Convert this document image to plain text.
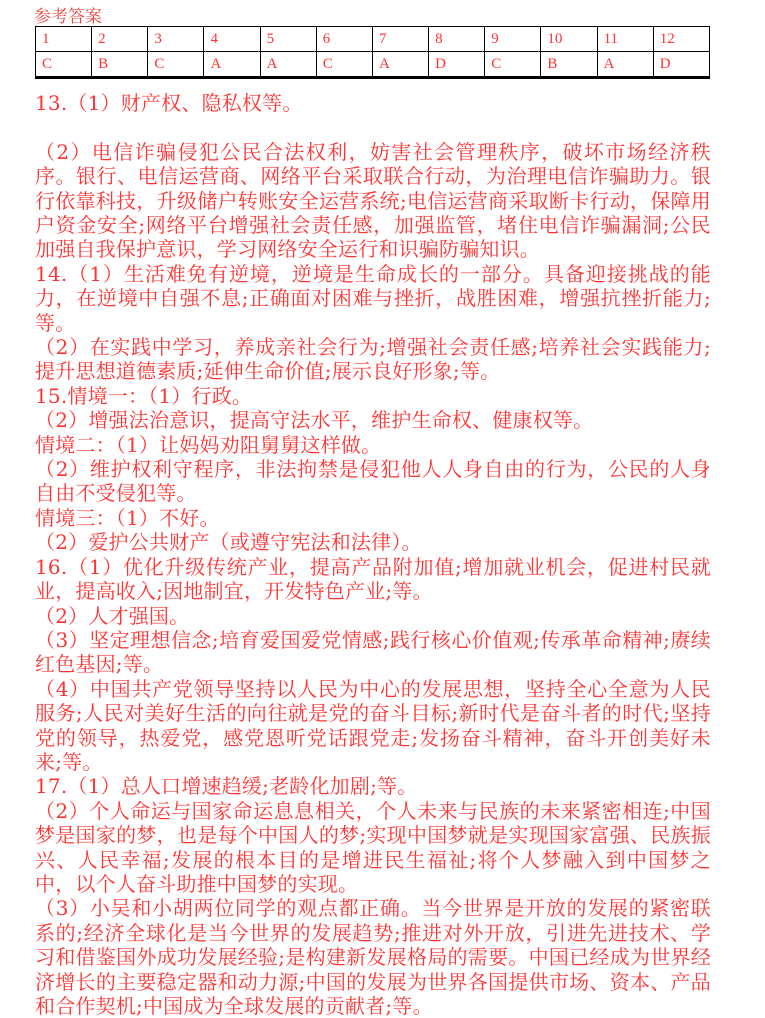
参考答案
1	2	3	4	5	6	7	8	9	10	11	12
C	B	C	A	A	C	A	D	C	B	A	D

13.（1）财产权、隐私权等。

（2）电信诈骗侵犯公民合法权利，妨害社会管理秩序，破坏市场经济秩序。银行、电信运营商、网络平台采取联合行动，为治理电信诈骗助力。银行依靠科技，升级储户转账安全运营系统;电信运营商采取断卡行动，保障用户资金安全;网络平台增强社会责任感，加强监管，堵住电信诈骗漏洞;公民加强自我保护意识，学习网络安全运行和识骗防骗知识。

14.（1）生活难免有逆境，逆境是生命成长的一部分。具备迎接挑战的能力，在逆境中自强不息;正确面对困难与挫折，战胜困难，增强抗挫折能力;等。

（2）在实践中学习，养成亲社会行为;增强社会责任感;培养社会实践能力;提升思想道德素质;延伸生命价值;展示良好形象;等。

15.情境一：（1）行政。

（2）增强法治意识，提高守法水平，维护生命权、健康权等。

情境二：（1）让妈妈劝阻舅舅这样做。

（2）维护权利守程序，非法拘禁是侵犯他人人身自由的行为，公民的人身自由不受侵犯等。

情境三：（1）不好。

（2）爱护公共财产（或遵守宪法和法律）。

16.（1）优化升级传统产业，提高产品附加值;增加就业机会，促进村民就业，提高收入;因地制宜，开发特色产业;等。

（2）人才强国。

（3）坚定理想信念;培育爱国爱党情感;践行核心价值观;传承革命精神;赓续红色基因;等。

（4）中国共产党领导坚持以人民为中心的发展思想，坚持全心全意为人民服务;人民对美好生活的向往就是党的奋斗目标;新时代是奋斗者的时代;坚持党的领导，热爱党，感党恩听党话跟党走;发扬奋斗精神，奋斗开创美好未来;等。

17.（1）总人口增速趋缓;老龄化加剧;等。

（2）个人命运与国家命运息息相关，个人未来与民族的未来紧密相连;中国梦是国家的梦，也是每个中国人的梦;实现中国梦就是实现国家富强、民族振兴、人民幸福;发展的根本目的是增进民生福祉;将个人梦融入到中国梦之中，以个人奋斗助推中国梦的实现。

（3）小吴和小胡两位同学的观点都正确。当今世界是开放的发展的紧密联系的;经济全球化是当今世界的发展趋势;推进对外开放，引进先进技术、学习和借鉴国外成功发展经验;是构建新发展格局的需要。中国已经成为世界经济增长的主要稳定器和动力源;中国的发展为世界各国提供市场、资本、产品和合作契机;中国成为全球发展的贡献者;等。
